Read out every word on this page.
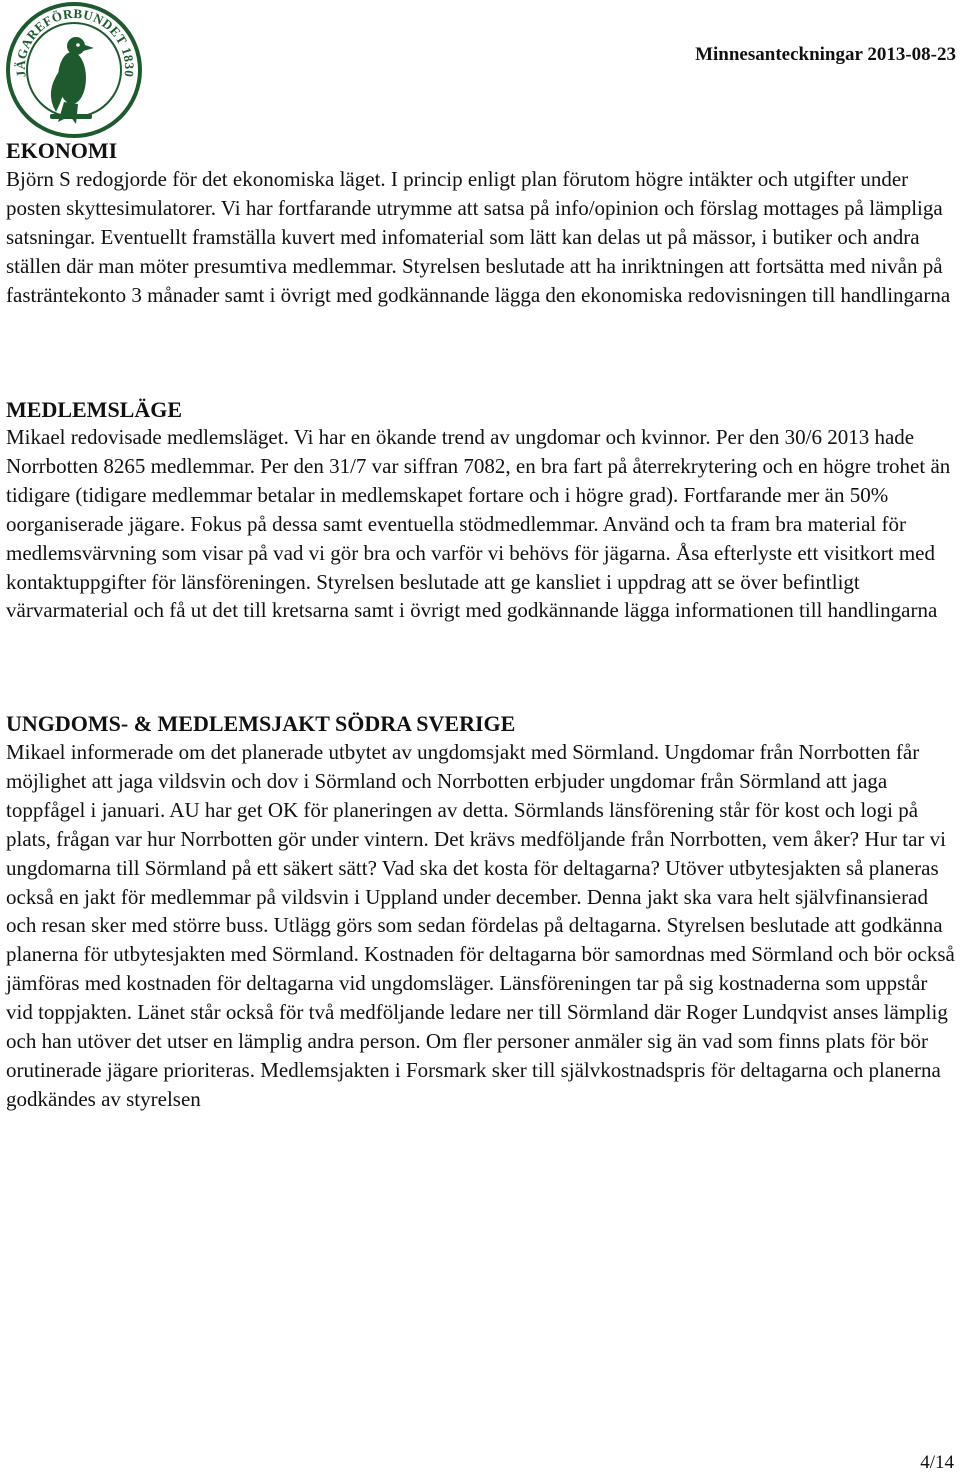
JÄGAREFÖRBUNDET 1830
Minnesanteckningar 2013-08-23
EKONOMI

Björn S redogjorde för det ekonomiska läget. I princip enligt plan förutom högre intäkter och utgifter under posten skyttesimulatorer. Vi har fortfarande utrymme att satsa på info/opinion och förslag mottages på lämpliga satsningar. Eventuellt framställa kuvert med infomaterial som lätt kan delas ut på mässor, i butiker och andra ställen där man möter presumtiva medlemmar. Styrelsen beslutade att ha inriktningen att fortsätta med nivån på fasträntekonto 3 månader samt i övrigt med godkännande lägga den ekonomiska redovisningen till handlingarna

MEDLEMSLÄGE

Mikael redovisade medlemsläget. Vi har en ökande trend av ungdomar och kvinnor. Per den 30/6 2013 hade Norrbotten 8265 medlemmar. Per den 31/7 var siffran 7082, en bra fart på återrekrytering och en högre trohet än tidigare (tidigare medlemmar betalar in medlemskapet fortare och i högre grad). Fortfarande mer än 50% oorganiserade jägare. Fokus på dessa samt eventuella stödmedlemmar. Använd och ta fram bra material för medlemsvärvning som visar på vad vi gör bra och varför vi behövs för jägarna. Åsa efterlyste ett visitkort med kontaktuppgifter för länsföreningen. Styrelsen beslutade att ge kansliet i uppdrag att se över befintligt värvarmaterial och få ut det till kretsarna samt i övrigt med godkännande lägga informationen till handlingarna

UNGDOMS- & MEDLEMSJAKT SÖDRA SVERIGE

Mikael informerade om det planerade utbytet av ungdomsjakt med Sörmland. Ungdomar från Norrbotten får möjlighet att jaga vildsvin och dov i Sörmland och Norrbotten erbjuder ungdomar från Sörmland att jaga toppfågel i januari. AU har get OK för planeringen av detta. Sörmlands länsförening står för kost och logi på plats, frågan var hur Norrbotten gör under vintern. Det krävs medföljande från Norrbotten, vem åker? Hur tar vi ungdomarna till Sörmland på ett säkert sätt? Vad ska det kosta för deltagarna? Utöver utbytesjakten så planeras också en jakt för medlemmar på vildsvin i Uppland under december. Denna jakt ska vara helt självfinansierad och resan sker med större buss. Utlägg görs som sedan fördelas på deltagarna. Styrelsen beslutade att godkänna planerna för utbytesjakten med Sörmland. Kostnaden för deltagarna bör samordnas med Sörmland och bör också jämföras med kostnaden för deltagarna vid ungdomsläger. Länsföreningen tar på sig kostnaderna som uppstår vid toppjakten. Länet står också för två medföljande ledare ner till Sörmland där Roger Lundqvist anses lämplig och han utöver det utser en lämplig andra person. Om fler personer anmäler sig än vad som finns plats för bör orutinerade jägare prioriteras. Medlemsjakten i Forsmark sker till självkostnadspris för deltagarna och planerna godkändes av styrelsen

4/14
